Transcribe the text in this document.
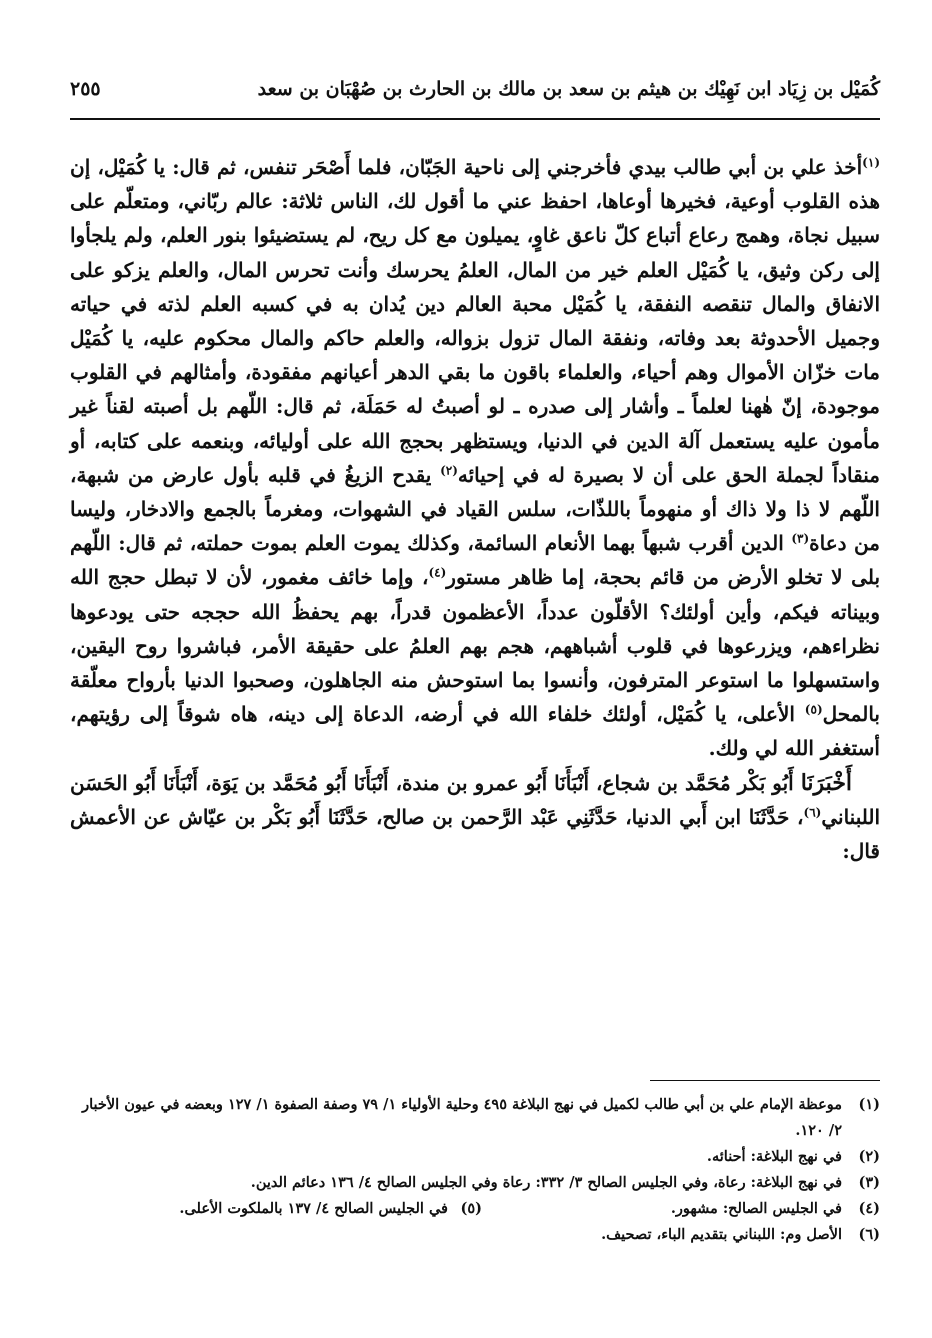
كُمَيْل بن زِيَاد ابن نَهِيْك بن هيثم بن سعد بن مالك بن الحارث بن صُهْبَان بن سعد
٢٥٥

$^{(١)}$أخذ علي بن أبي طالب بيدي فأخرجني إلى ناحية الجَبّان، فلما أَصْحَر تنفس، ثم قال: يا كُمَيْل، إن هذه القلوب أوعية، فخيرها أوعاها، احفظ عني ما أقول لك، الناس ثلاثة: عالم ربّاني، ومتعلّم على سبيل نجاة، وهمج رعاع أتباع كلّ ناعق غاوٍ، يميلون مع كل ريح، لم يستضيئوا بنور العلم، ولم يلجأوا إلى ركن وثيق، يا كُمَيْل العلم خير من المال، العلمُ يحرسك وأنت تحرس المال، والعلم يزكو على الانفاق والمال تنقصه النفقة، يا كُمَيْل محبة العالم دين يُدان به في كسبه العلم لذته في حياته وجميل الأحدوثة بعد وفاته، ونفقة المال تزول بزواله، والعلم حاكم والمال محكوم عليه، يا كُمَيْل مات خزّان الأموال وهم أحياء، والعلماء باقون ما بقي الدهر أعيانهم مفقودة، وأمثالهم في القلوب موجودة، إنّ هٰهنا لعلماً ـ وأشار إلى صدره ـ لو أصبتُ له حَمَلَة، ثم قال: اللّهم بل أصبته لقناً غير مأمون عليه يستعمل آلة الدين في الدنيا، ويستظهر بحجج الله على أوليائه، وبنعمه على كتابه، أو منقاداً لجملة الحق على أن لا بصيرة له في إحيائه$^{(٢)}$ يقدح الزيغُ في قلبه بأول عارض من شبهة، اللّهم لا ذا ولا ذاك أو منهوماً باللذّات، سلس القياد في الشهوات، ومغرماً بالجمع والادخار، وليسا من دعاة$^{(٣)}$ الدين أقرب شبهاً بهما الأنعام السائمة، وكذلك يموت العلم بموت حملته، ثم قال: اللّهم بلى لا تخلو الأرض من قائم بحجة، إما ظاهر مستور$^{(٤)}$، وإما خائف مغمور، لأن لا تبطل حجج الله وبيناته فيكم، وأين أولئك؟ الأقلّون عدداً، الأعظمون قدراً، بهم يحفظُ الله حججه حتى يودعوها نظراءهم، ويزرعوها في قلوب أشباههم، هجم بهم العلمُ على حقيقة الأمر، فباشروا روح اليقين، واستسهلوا ما استوعر المترفون، وأنسوا بما استوحش منه الجاهلون، وصحبوا الدنيا بأرواح معلّقة بالمحل$^{(٥)}$ الأعلى، يا كُمَيْل، أولئك خلفاء الله في أرضه، الدعاة إلى دينه، هاه شوقاً إلى رؤيتهم، أستغفر الله لي ولك.

أَخْبَرَنَا أَبُو بَكْر مُحَمَّد بن شجاع، أَنْبَأَنَا أَبُو عمرو بن مندة، أَنْبَأَنَا أَبُو مُحَمَّد بن يَوَة، أَنْبَأَنَا أَبُو الحَسَن اللبناني$^{(٦)}$، حَدَّثَنَا ابن أَبي الدنيا، حَدَّثَنِي عَبْد الرَّحمن بن صالح، حَدَّثَنَا أَبُو بَكْر بن عيّاش عن الأعمش قال:

(١)
موعظة الإمام علي بن أبي طالب لكميل في نهج البلاغة ٤٩٥ وحلية الأولياء ١/ ٧٩ وصفة الصفوة ١/ ١٢٧ وبعضه في عيون الأخبار ٢/ ١٢٠.

(٢)
في نهج البلاغة: أحنائه.

(٣)
في نهج البلاغة: رعاة، وفي الجليس الصالح ٣/ ٣٣٢: رعاة وفي الجليس الصالح ٤/ ١٣٦ دعائم الدين.

(٤)
في الجليس الصالح: مشهور.

(٥)
في الجليس الصالح ٤/ ١٣٧ بالملكوت الأعلى.

(٦)
الأصل وم: اللبناني بتقديم الباء، تصحيف.
